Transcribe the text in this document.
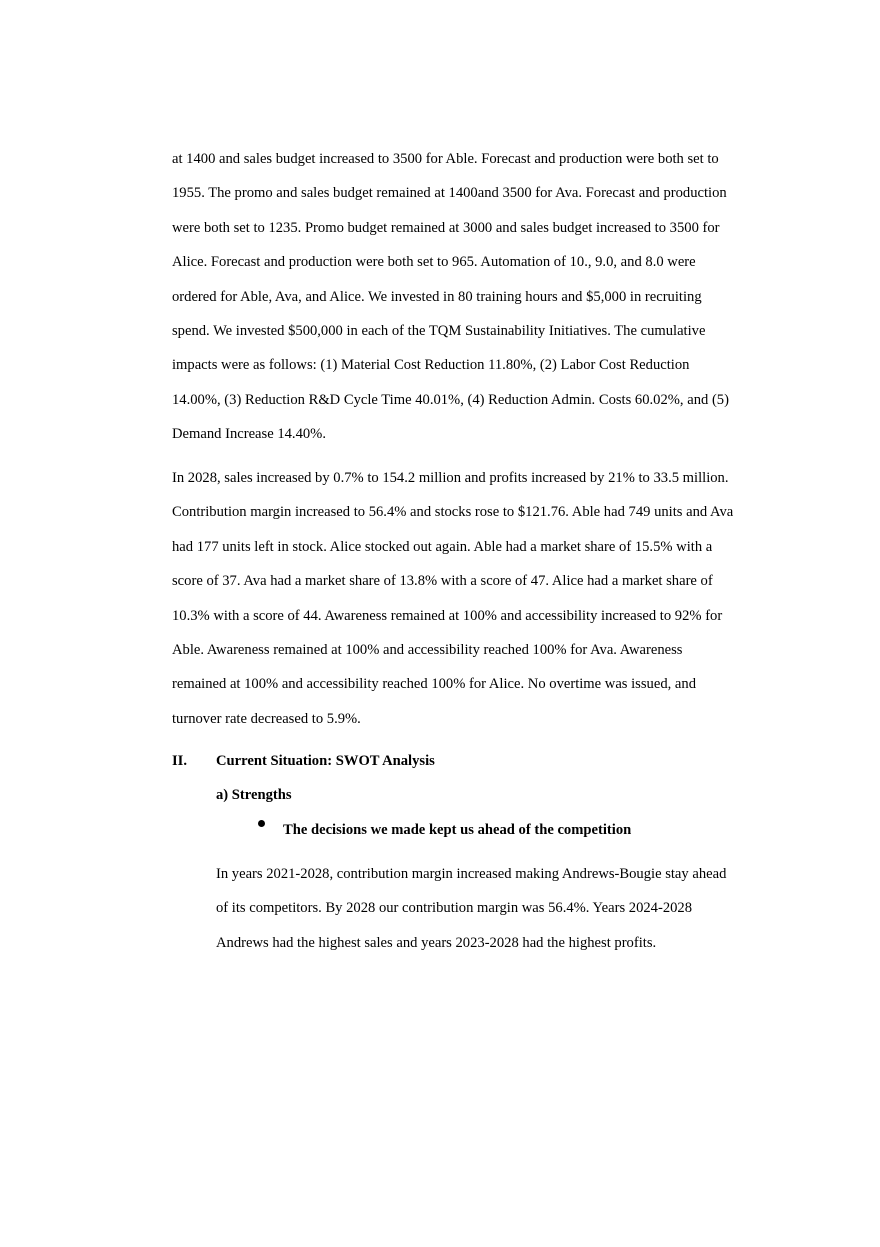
at 1400 and sales budget increased to 3500 for Able. Forecast and production were both set to 1955. The promo and sales budget remained at 1400and 3500 for Ava. Forecast and production were both set to 1235. Promo budget remained at 3000 and sales budget increased to 3500 for Alice. Forecast and production were both set to 965. Automation of 10., 9.0, and 8.0 were ordered for Able, Ava, and Alice. We invested in 80 training hours and $5,000 in recruiting spend. We invested $500,000 in each of the TQM Sustainability Initiatives. The cumulative impacts were as follows: (1) Material Cost Reduction 11.80%, (2) Labor Cost Reduction 14.00%, (3) Reduction R&D Cycle Time 40.01%, (4) Reduction Admin. Costs 60.02%, and (5) Demand Increase 14.40%.

In 2028, sales increased by 0.7% to 154.2 million and profits increased by 21% to 33.5 million. Contribution margin increased to 56.4% and stocks rose to $121.76. Able had 749 units and Ava had 177 units left in stock. Alice stocked out again. Able had a market share of 15.5% with a score of 37. Ava had a market share of 13.8% with a score of 47. Alice had a market share of 10.3% with a score of 44. Awareness remained at 100% and accessibility increased to 92% for Able. Awareness remained at 100% and accessibility reached 100% for Ava. Awareness remained at 100% and accessibility reached 100% for Alice. No overtime was issued, and turnover rate decreased to 5.9%.

II. Current Situation: SWOT Analysis
a) Strengths
The decisions we made kept us ahead of the competition

In years 2021-2028, contribution margin increased making Andrews-Bougie stay ahead of its competitors. By 2028 our contribution margin was 56.4%. Years 2024-2028 Andrews had the highest sales and years 2023-2028 had the highest profits.
